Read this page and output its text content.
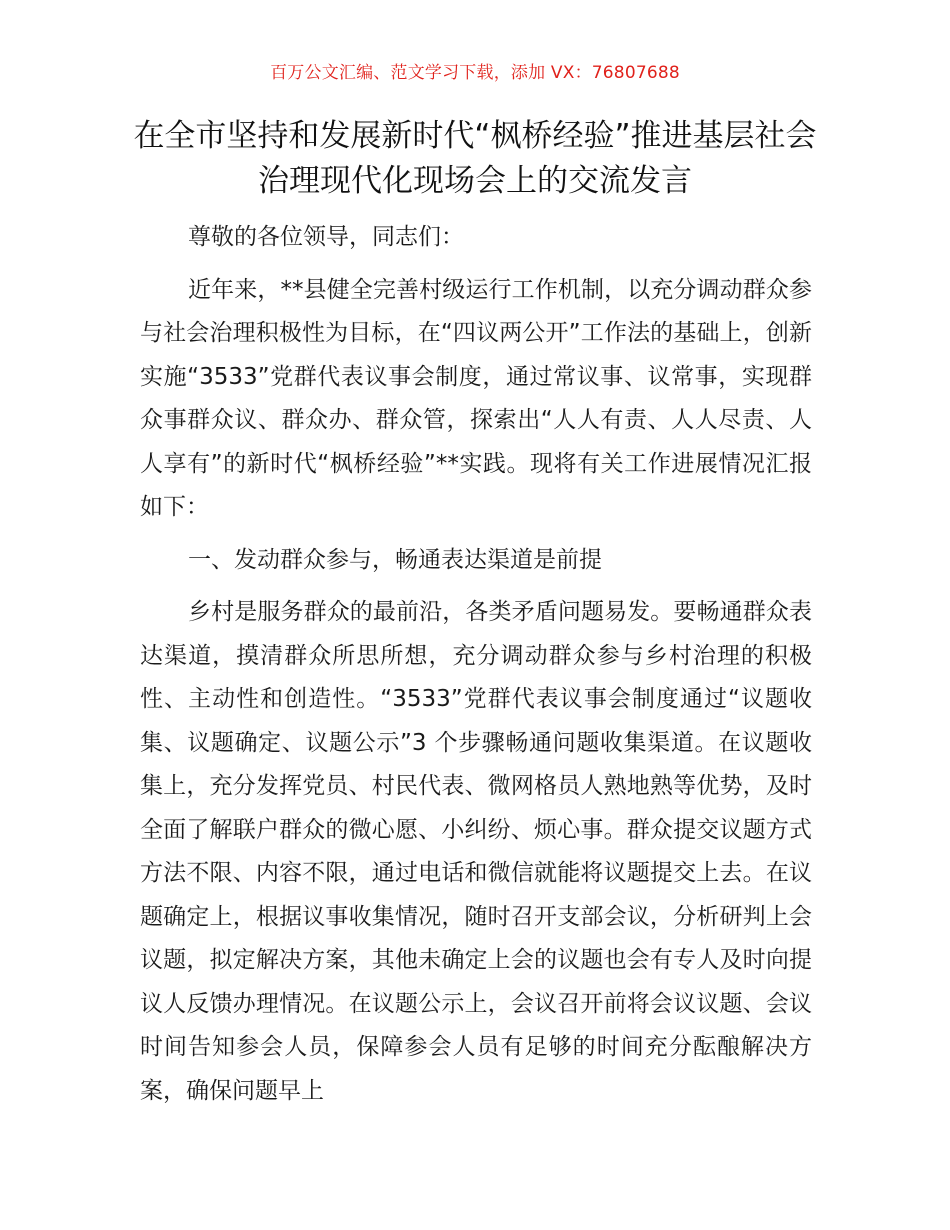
百万公文汇编、范文学习下载，添加 VX：76807688
在全市坚持和发展新时代“枫桥经验”推进基层社会治理现代化现场会上的交流发言

尊敬的各位领导，同志们：

近年来，**县健全完善村级运行工作机制，以充分调动群众参与社会治理积极性为目标，在“四议两公开”工作法的基础上，创新实施“3533”党群代表议事会制度，通过常议事、议常事，实现群众事群众议、群众办、群众管，探索出“人人有责、人人尽责、人人享有”的新时代“枫桥经验”**实践。现将有关工作进展情况汇报如下：

一、发动群众参与，畅通表达渠道是前提

乡村是服务群众的最前沿，各类矛盾问题易发。要畅通群众表达渠道，摸清群众所思所想，充分调动群众参与乡村治理的积极性、主动性和创造性。“3533”党群代表议事会制度通过“议题收集、议题确定、议题公示”3 个步骤畅通问题收集渠道。在议题收集上，充分发挥党员、村民代表、微网格员人熟地熟等优势，及时全面了解联户群众的微心愿、小纠纷、烦心事。群众提交议题方式方法不限、内容不限，通过电话和微信就能将议题提交上去。在议题确定上，根据议事收集情况，随时召开支部会议，分析研判上会议题，拟定解决方案，其他未确定上会的议题也会有专人及时向提议人反馈办理情况。在议题公示上，会议召开前将会议议题、会议时间告知参会人员，保障参会人员有足够的时间充分酝酿解决方案，确保问题早上
